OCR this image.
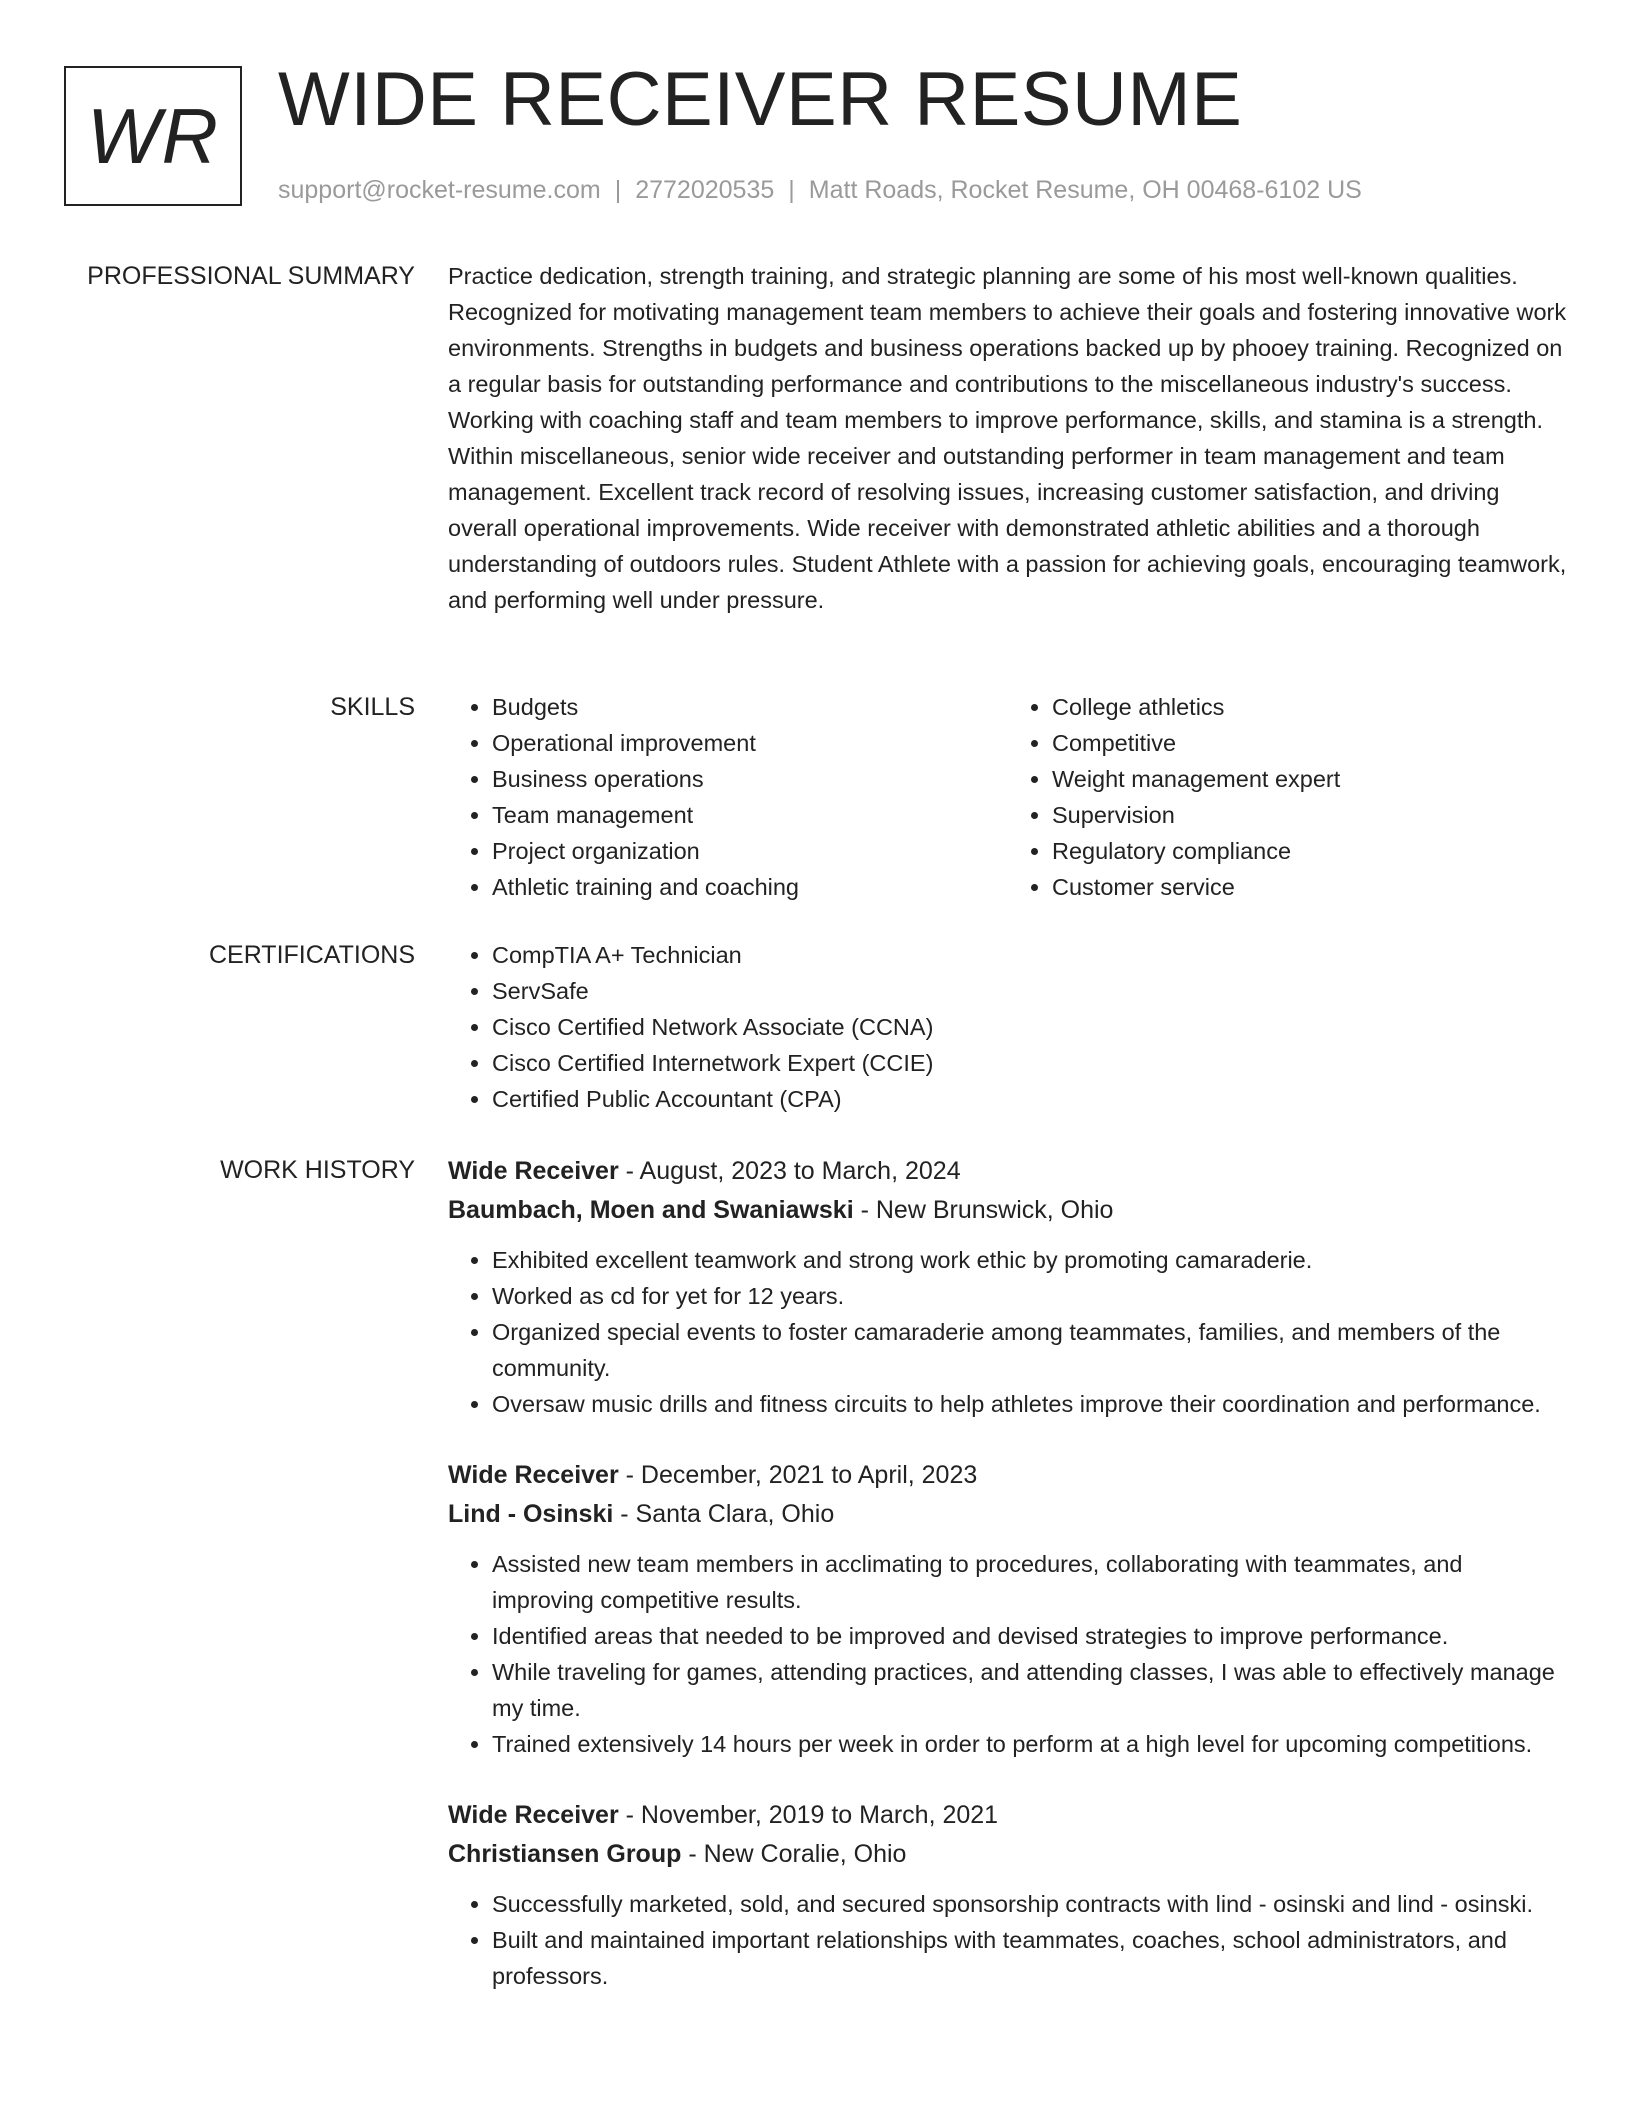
WR WIDE RECEIVER RESUME
support@rocket-resume.com | 2772020535 | Matt Roads, Rocket Resume, OH 00468-6102 US
PROFESSIONAL SUMMARY Practice dedication, strength training, and strategic planning are some of his most well-known qualities. Recognized for motivating management team members to achieve their goals and fostering innovative work environments. Strengths in budgets and business operations backed up by phooey training. Recognized on a regular basis for outstanding performance and contributions to the miscellaneous industry's success. Working with coaching staff and team members to improve performance, skills, and stamina is a strength. Within miscellaneous, senior wide receiver and outstanding performer in team management and team management. Excellent track record of resolving issues, increasing customer satisfaction, and driving overall operational improvements. Wide receiver with demonstrated athletic abilities and a thorough understanding of outdoors rules. Student Athlete with a passion for achieving goals, encouraging teamwork, and performing well under pressure.

SKILLS	• Budgets
• Operational improvement
• Business operations
• Team management
• Project organization
• Athletic training and coaching
• College athletics
• Competitive
• Weight management expert
• Supervision
• Regulatory compliance
• Customer service
CERTIFICATIONS	• CompTIA A+ Technician
• ServSafe
• Cisco Certified Network Associate (CCNA)
• Cisco Certified Internetwork Expert (CCIE)
• Certified Public Accountant (CPA)
WORK HISTORY Wide Receiver - August, 2023 to March, 2024
Baumbach, Moen and Swaniawski - New Brunswick, Ohio
• Exhibited excellent teamwork and strong work ethic by promoting camaraderie.
• Worked as cd for yet for 12 years.
• Organized special events to foster camaraderie among teammates, families, and members of the community.
• Oversaw music drills and fitness circuits to help athletes improve their coordination and performance.
Wide Receiver - December, 2021 to April, 2023
Lind - Osinski - Santa Clara, Ohio
• Assisted new team members in acclimating to procedures, collaborating with teammates, and improving competitive results.
• Identified areas that needed to be improved and devised strategies to improve performance.
• While traveling for games, attending practices, and attending classes, I was able to effectively manage my time.
• Trained extensively 14 hours per week in order to perform at a high level for upcoming competitions.
Wide Receiver - November, 2019 to March, 2021
Christiansen Group - New Coralie, Ohio
• Successfully marketed, sold, and secured sponsorship contracts with lind - osinski and lind - osinski.
• Built and maintained important relationships with teammates, coaches, school administrators, and professors.
